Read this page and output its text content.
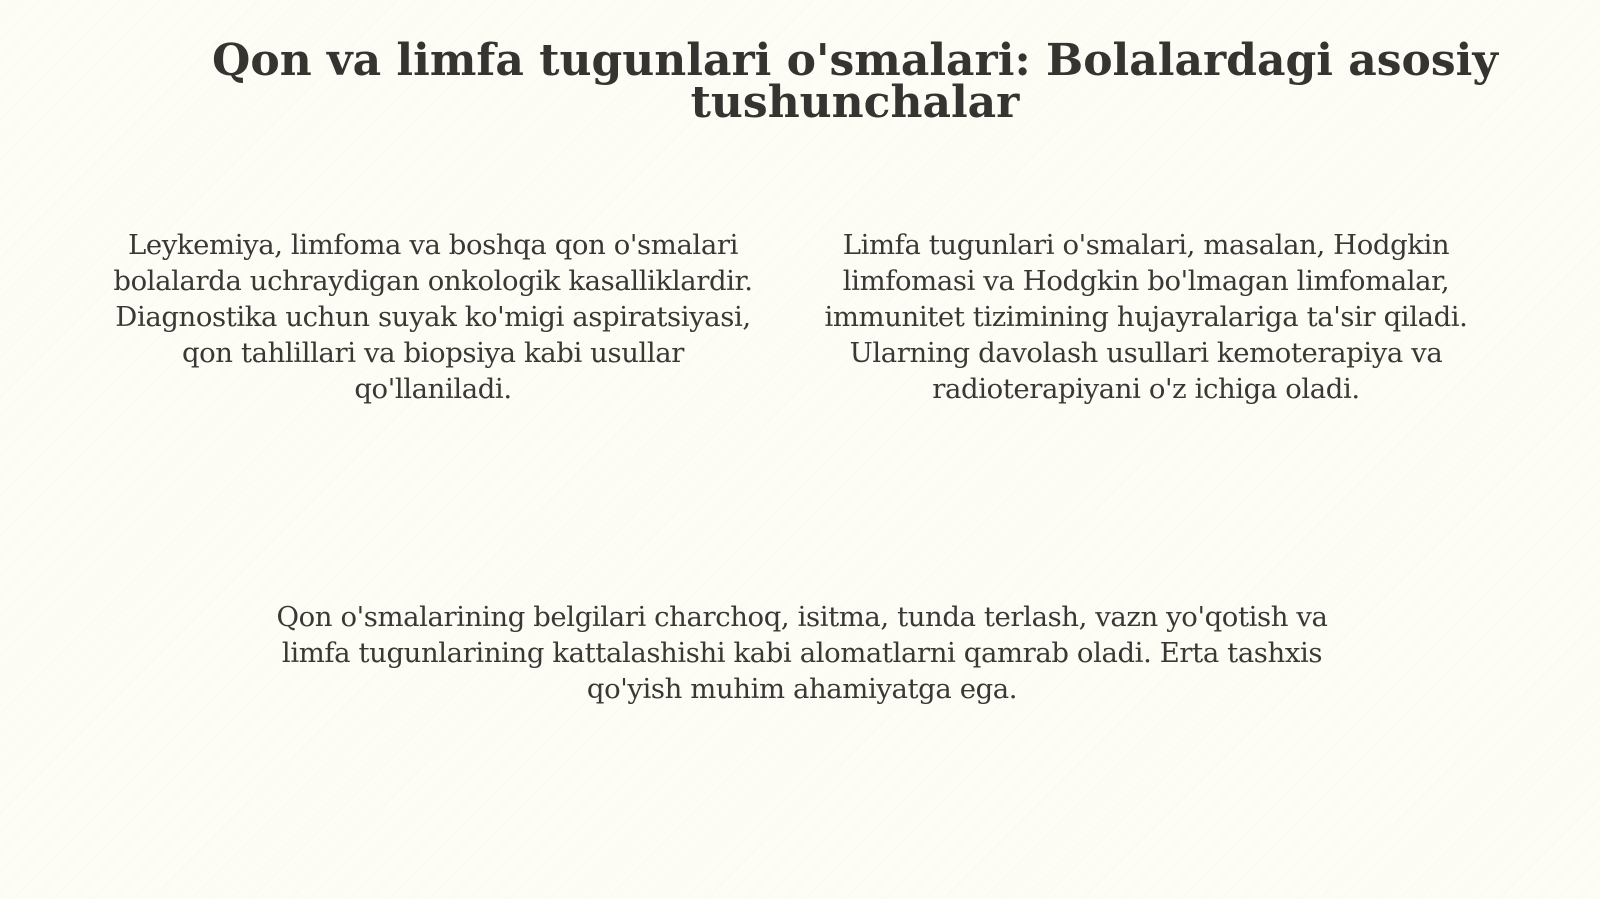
Qon va limfa tugunlari o'smalari: Bolalardagi asosiy tushunchalar

Leykemiya, limfoma va boshqa qon o'smalari bolalarda uchraydigan onkologik kasalliklardir. Diagnostika uchun suyak ko'migi aspiratsiyasi, qon tahlillari va biopsiya kabi usullar qo'llaniladi.

Limfa tugunlari o'smalari, masalan, Hodgkin limfomasi va Hodgkin bo'lmagan limfomalar, immunitet tizimining hujayralariga ta'sir qiladi. Ularning davolash usullari kemoterapiya va radioterapiyani o'z ichiga oladi.

Qon o'smalarining belgilari charchoq, isitma, tunda terlash, vazn yo'qotish va limfa tugunlarining kattalashishi kabi alomatlarni qamrab oladi. Erta tashxis qo'yish muhim ahamiyatga ega.
